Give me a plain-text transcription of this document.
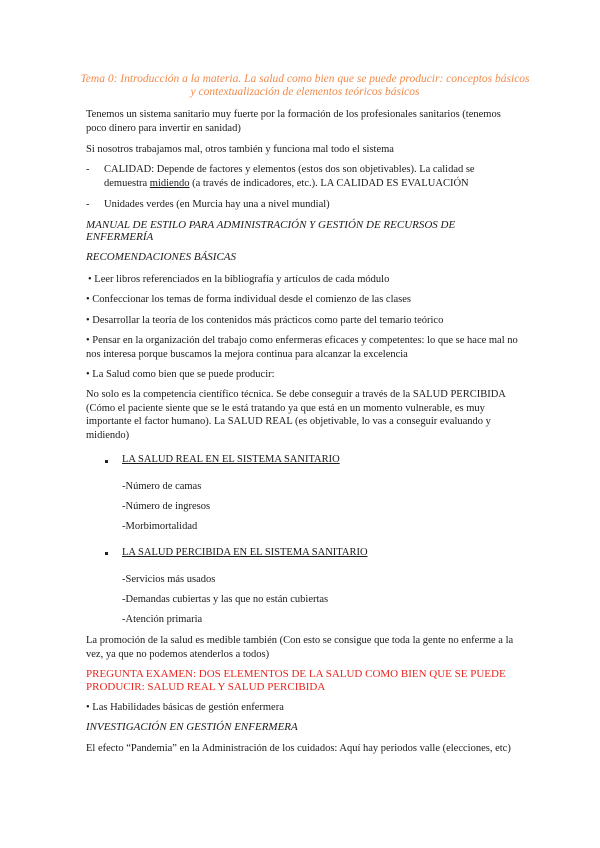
Tema 0: Introducción a la materia. La salud como bien que se puede producir: conceptos básicos
y contextualización de elementos teóricos básicos
Tenemos un sistema sanitario muy fuerte por la formación de los profesionales sanitarios (tenemos poco dinero para invertir en sanidad)
Si nosotros trabajamos mal, otros también y funciona mal todo el sistema
- CALIDAD: Depende de factores y elementos (estos dos son objetivables). La calidad se demuestra midiendo (a través de indicadores, etc.). LA CALIDAD ES EVALUACIÓN
- Unidades verdes (en Murcia hay una a nivel mundial)
MANUAL DE ESTILO PARA ADMINISTRACIÓN Y GESTIÓN DE RECURSOS DE ENFERMERÍA
RECOMENDACIONES BÁSICAS
• Leer libros referenciados en la bibliografía y artículos de cada módulo
• Confeccionar los temas de forma individual desde el comienzo de las clases
• Desarrollar la teoría de los contenidos más prácticos como parte del temario teórico
• Pensar en la organización del trabajo como enfermeras eficaces y competentes: lo que se hace mal no nos interesa porque buscamos la mejora continua para alcanzar la excelencia
• La Salud como bien que se puede producir:
No solo es la competencia científico técnica. Se debe conseguir a través de la SALUD PERCIBIDA (Cómo el paciente siente que se le está tratando ya que está en un momento vulnerable, es muy importante el factor humano). La SALUD REAL (es objetivable, lo vas a conseguir evaluando y midiendo)
LA SALUD REAL EN EL SISTEMA SANITARIO
-Número de camas
-Número de ingresos
-Morbimortalidad
LA SALUD PERCIBIDA EN EL SISTEMA SANITARIO
-Servicios más usados
-Demandas cubiertas y las que no están cubiertas
-Atención primaria
La promoción de la salud es medible también (Con esto se consigue que toda la gente no enferme a la vez, ya que no podemos atenderlos a todos)
PREGUNTA EXAMEN: DOS ELEMENTOS DE LA SALUD COMO BIEN QUE SE PUEDE PRODUCIR: SALUD REAL Y SALUD PERCIBIDA
• Las Habilidades básicas de gestión enfermera
INVESTIGACIÓN EN GESTIÓN ENFERMERA
El efecto “Pandemia” en la Administración de los cuidados: Aquí hay periodos valle (elecciones, etc)
